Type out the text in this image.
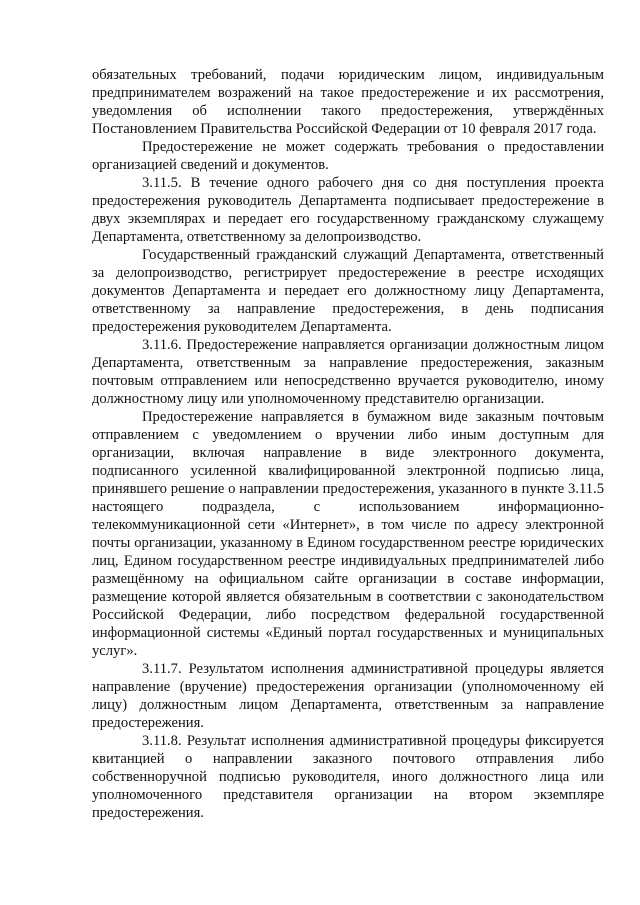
обязательных требований, подачи юридическим лицом, индивидуальным предпринимателем возражений на такое предостережение и их рассмотрения, уведомления об исполнении такого предостережения, утверждённых Постановлением Правительства Российской Федерации от 10 февраля 2017 года.

Предостережение не может содержать требования о предоставлении организацией сведений и документов.

3.11.5. В течение одного рабочего дня со дня поступления проекта предостережения руководитель Департамента подписывает предостережение в двух экземплярах и передает его государственному гражданскому служащему Департамента, ответственному за делопроизводство.

Государственный гражданский служащий Департамента, ответственный за делопроизводство, регистрирует предостережение в реестре исходящих документов Департамента и передает его должностному лицу Департамента, ответственному за направление предостережения, в день подписания предостережения руководителем Департамента.

3.11.6. Предостережение направляется организации должностным лицом Департамента, ответственным за направление предостережения, заказным почтовым отправлением или непосредственно вручается руководителю, иному должностному лицу или уполномоченному представителю организации.

Предостережение направляется в бумажном виде заказным почтовым отправлением с уведомлением о вручении либо иным доступным для организации, включая направление в виде электронного документа, подписанного усиленной квалифицированной электронной подписью лица, принявшего решение о направлении предостережения, указанного в пункте 3.11.5 настоящего подраздела, с использованием информационно-телекоммуникационной сети «Интернет», в том числе по адресу электронной почты организации, указанному в Едином государственном реестре юридических лиц, Едином государственном реестре индивидуальных предпринимателей либо размещённому на официальном сайте организации в составе информации, размещение которой является обязательным в соответствии с законодательством Российской Федерации, либо посредством федеральной государственной информационной системы «Единый портал государственных и муниципальных услуг».

3.11.7. Результатом исполнения административной процедуры является направление (вручение) предостережения организации (уполномоченному ей лицу) должностным лицом Департамента, ответственным за направление предостережения.

3.11.8. Результат исполнения административной процедуры фиксируется квитанцией о направлении заказного почтового отправления либо собственноручной подписью руководителя, иного должностного лица или уполномоченного представителя организации на втором экземпляре предостережения.
